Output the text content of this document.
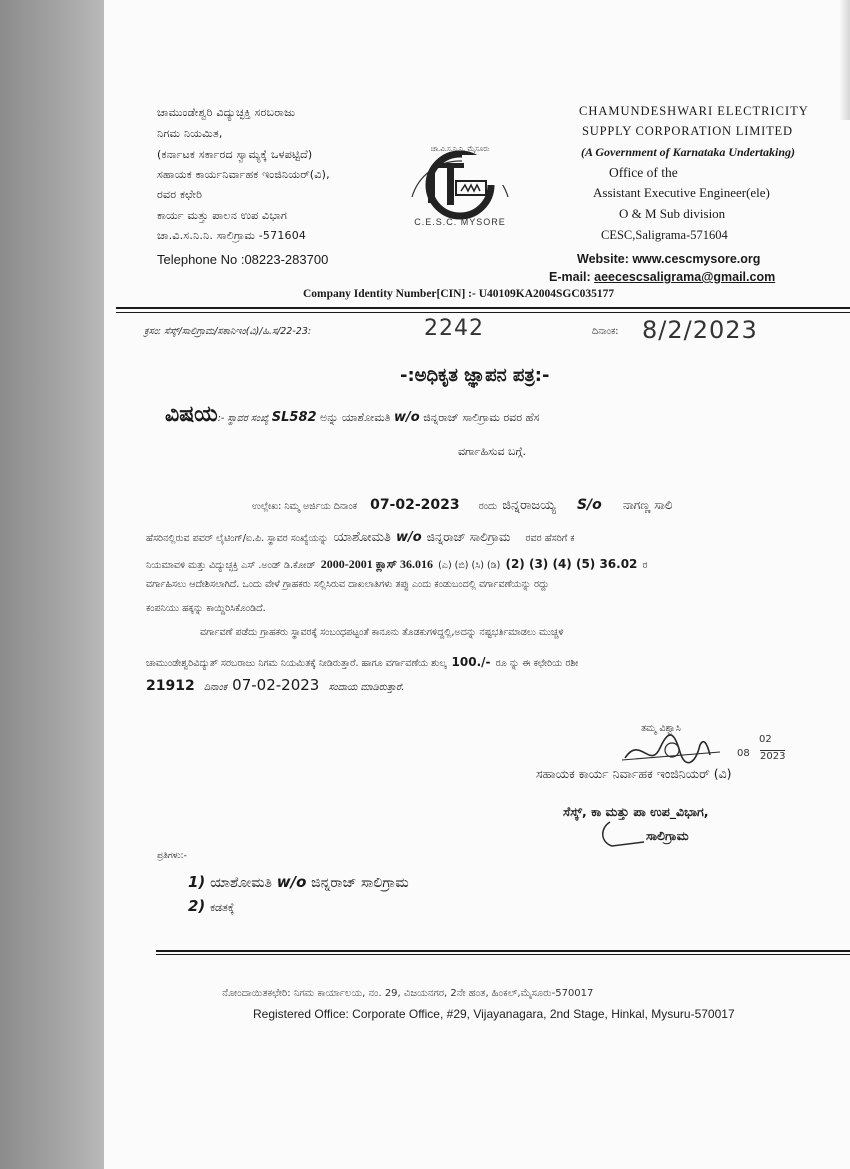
ಚಾಮುಂಡೇಶ್ವರಿ ವಿದ್ಯುಚ್ಛಕ್ತಿ ಸರಬರಾಜು
ನಿಗಮ ನಿಯಮಿತ,
(ಕರ್ನಾಟಕ ಸರ್ಕಾರದ ಸ್ವಾಮ್ಯಕ್ಕೆ ಒಳಪಟ್ಟಿದೆ)
ಸಹಾಯಕ ಕಾರ್ಯನಿರ್ವಾಹಕ ಇಂಜಿನಿಯರ್(ವಿ),
ರವರ ಕಛೇರಿ
ಕಾರ್ಯ ಮತ್ತು ಪಾಲನ ಉಪ ವಿಭಾಗ
ಚಾ.ವಿ.ಸ.ನಿ.ನಿ. ಸಾಲಿಗ್ರಾಮ -571604
Telephone No :08223-283700
ಚಾ.ವಿ.ಸ.ನಿ.ನಿ. ಮೈಸೂರು
C.E.S.C. MYSORE
CHAMUNDESHWARI ELECTRICITY
SUPPLY CORPORATION LIMITED
(A Government of Karnataka Undertaking)
Office of the
Assistant Executive Engineer(ele)
O & M Sub division
CESC,Saligrama-571604
Website: www.cescmysore.org
E-mail: aeecescsaligrama@gmail.com
Company Identity Number[CIN] :- U40109KA2004SGC035177
ಕ್ರಸಂ: ಸೆಸ್ಕ್/ಸಾಲಿಗ್ರಾಮ/ಸಕಾನಿಇಂ(ವಿ)/ಹಿ.ಸ/22-23:	2242	ದಿನಾಂಕ: 8/2/2023
-:ಅಧಿಕೃತ ಜ್ಞಾಪನ ಪತ್ರ:-
ವಿಷಯ:- ಸ್ಥಾವರ ಸಂಖ್ಯೆ SL582 ಅನ್ನು ಯಾಶೋಮತಿ w/o ಜಿನ್ನರಾಜ್ ಸಾಲಿಗ್ರಾಮ ರವರ ಹೆಸ
ವರ್ಗಾಹಿಸುವ ಬಗ್ಗೆ.
ಉಲ್ಲೇಖ: ನಿಮ್ಮ ಅರ್ಜಿಯ ದಿನಾಂಕ 07-02-2023 ರಂದು ಜಿನ್ನರಾಜಯ್ಯ S/o ನಾಗಣ್ಣ ಸಾಲಿ
ಹೆಸರಿನಲ್ಲಿರುವ ಪವರ್ ಲೈಟಿಂಗ್/ಐ.ಪಿ. ಸ್ಥಾವರ ಸಂಖ್ಯೆಯನ್ನು ಯಾಶೋಮತಿ w/o ಜಿನ್ನರಾಜ್ ಸಾಲಿಗ್ರಾಮ ರವರ ಹೆಸರಿಗೆ ಕ
ನಿಯಮಾವಳಿ ಮತ್ತು ವಿದ್ಯುಚ್ಛಕ್ತಿ ಎಸ್ .ಅಂಡ್ ಡಿ.ಕೋಡ್ 2000-2001 ಕ್ಲಾಸ್ 36.016 (ಎ) (ಬಿ) (ಸಿ) (ಡಿ) (2) (3) (4) (5) 36.02 ರ
ವರ್ಗಾಹಿಸಲು ಆದೇಶಿಸಲಾಗಿದೆ. ಒಂದು ವೇಳೆ ಗ್ರಾಹಕರು ಸಲ್ಲಿಸಿರುವ ದಾಖಲಾತಿಗಳು ತಪ್ಪು ಎಂದು ಕಂಡುಬಂದಲ್ಲಿ ವರ್ಗಾವಣೆಯನ್ನು ರದ್ದು
ಕಂಪನಿಯು ಹಕ್ಕನ್ನು ಕಾಯ್ದಿರಿಸಿಕೊಂಡಿದೆ.
ವರ್ಗಾವಣೆ ಪಡೆದು ಗ್ರಾಹಕರು ಸ್ಥಾವರಕ್ಕೆ ಸಂಬಂಧಪಟ್ಟಂತೆ ಕಾನೂನು ತೊಡಕುಗಳಿದ್ದಲ್ಲಿ,ಅದನ್ನು ನಷ್ಟಭರ್ತಿಮಾಡಲು ಮುಚ್ಚಳಿ
ಚಾಮುಂಡೇಶ್ವರಿವಿದ್ಯುತ್ ಸರಬರಾಜು ನಿಗಮ ನಿಯಮಿತಕ್ಕೆ ನೀಡಿರುತ್ತಾರೆ. ಹಾಗೂ ವರ್ಗಾವಣೆಯ ಶುಲ್ಕ 100./- ರೂ ನ್ನು ಈ ಕಛೇರಿಯ ರಶೀ
21912 ದಿನಾಂಕ 07-02-2023 ಸಂದಾಯ ಮಾಡಿರುತ್ತಾರೆ.
ತಮ್ಮ ವಿಶ್ವಾಸಿ
02
08 2023
ಸಹಾಯಕ ಕಾರ್ಯ ನಿರ್ವಾಹಕ ಇಂಜಿನಿಯರ್ (ವಿ)
ಸೆಸ್ಕ್, ಕಾ ಮತ್ತು ಪಾ ಉಪ_ವಿಭಾಗ,
ಸಾಲಿಗ್ರಾಮ
ಪ್ರತಿಗಳು:-
1) ಯಾಶೋಮತಿ w/o ಜಿನ್ನರಾಜ್ ಸಾಲಿಗ್ರಾಮ
2) ಕಡತಕ್ಕೆ
ನೋಂದಾಯಿತಕಛೇರಿ: ನಿಗಮ ಕಾರ್ಯಾಲಯ, ನಂ. 29, ವಿಜಯನಗರ, 2ನೇ ಹಂತ, ಹಿಂಕಲ್,ಮೈಸೂರು-570017
Registered Office: Corporate Office, #29, Vijayanagara, 2nd Stage, Hinkal, Mysuru-570017
